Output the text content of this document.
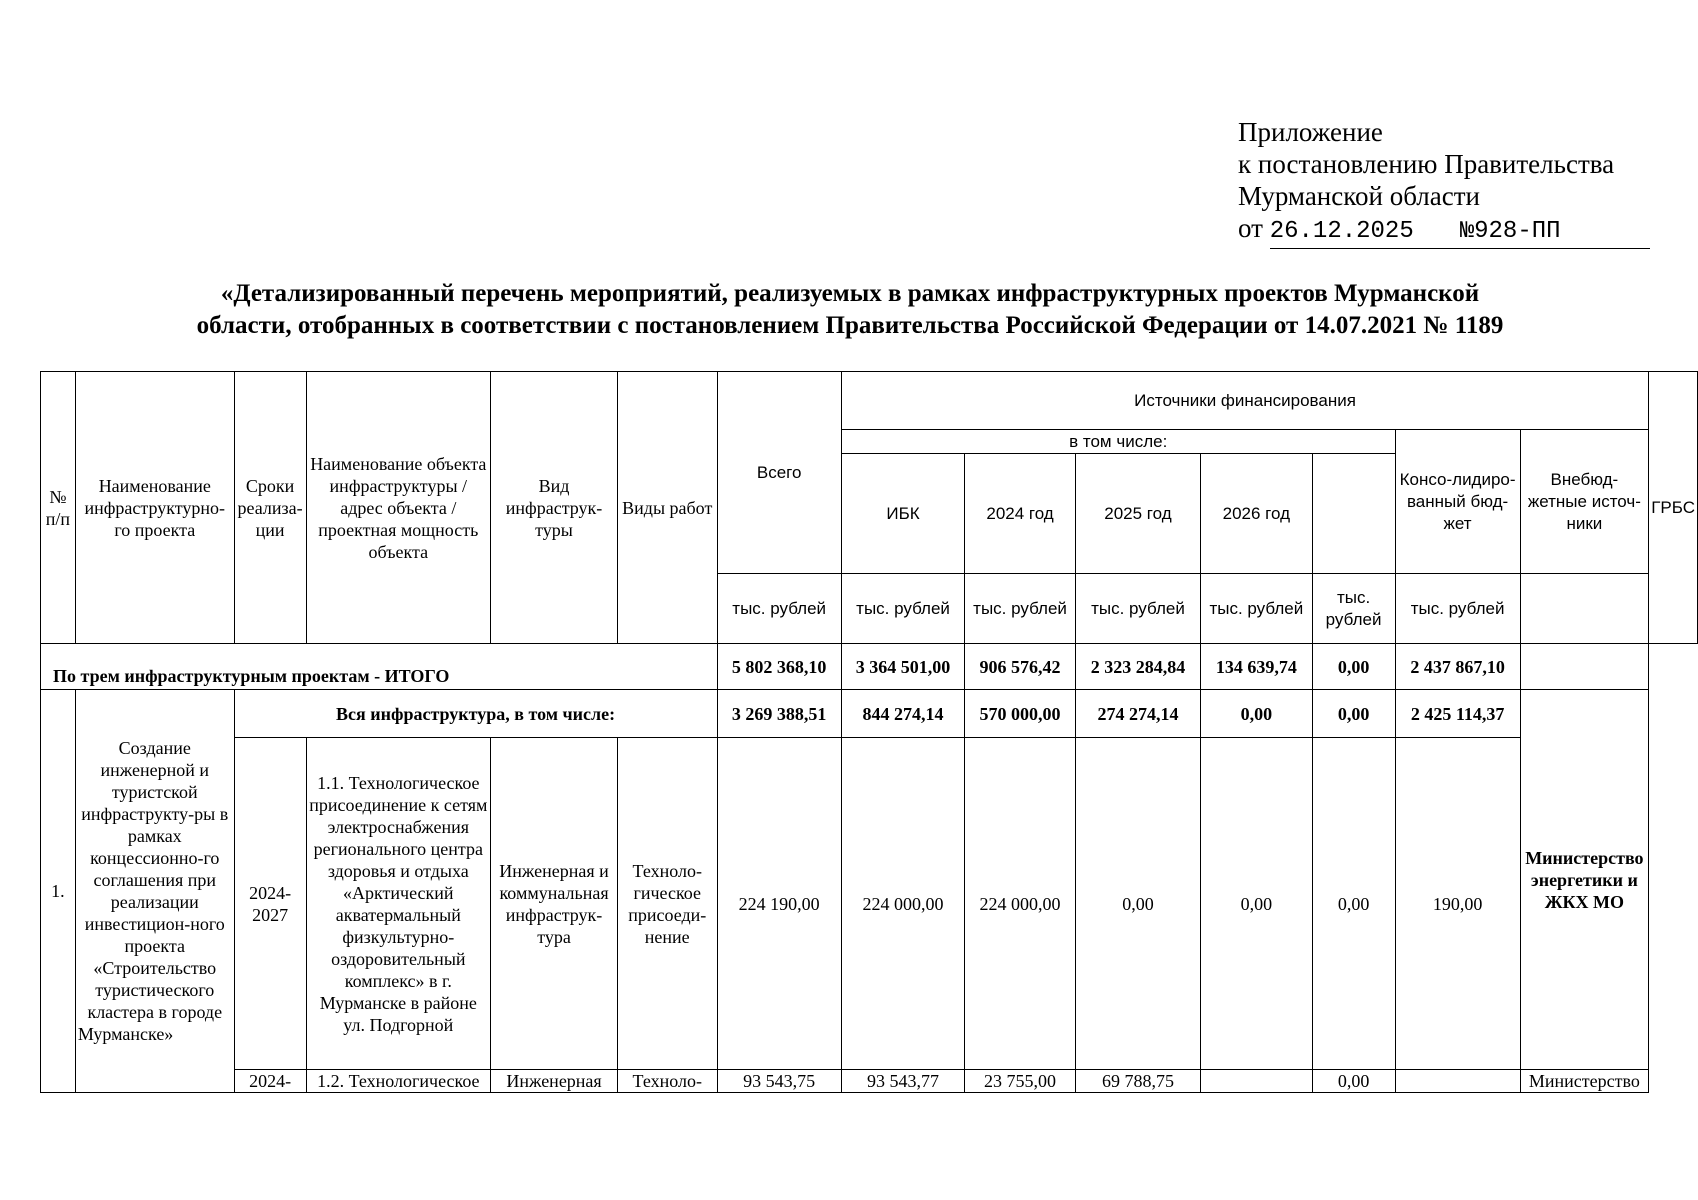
Приложение
к постановлению Правительства
Мурманской области
от 26.12.2025 №928-ПП
«Детализированный перечень мероприятий, реализуемых в рамках инфраструктурных проектов Мурманской
области, отобранных в соответствии с постановлением Правительства Российской Федерации от 14.07.2021 № 1189
№ п/п	Наименование инфраструктурно-го проекта	Сроки реализа-ции	Наименование объекта инфраструктуры / адрес объекта / проектная мощность объекта	Вид инфраструк-туры	Виды работ	Всего	Источники финансирования							ГРБС
							в том числе:					Консо-лидиро-ванный бюд-жет	Внебюд-жетные источ-ники	
							ИБК	2024 год	2025 год	2026 год				
						тыс. рублей	тыс. рублей	тыс. рублей	тыс. рублей	тыс. рублей	тыс. рублей	тыс. рублей		
По трем инфраструктурным проектам - ИТОГО						5 802 368,10	3 364 501,00	906 576,42	2 323 284,84	134 639,74	0,00	2 437 867,10		
1.	Создание инженерной и туристской инфраструкту-ры в рамках концессионно-го соглашения при реализации инвестицион-ного проекта «Строительство туристического кластера в городе Мурманске»	Вся инфраструктура, в том числе:				3 269 388,51	844 274,14	570 000,00	274 274,14	0,00	0,00	2 425 114,37	Министерство энергетики и ЖКХ МО	
		2024-2027	1.1. Технологическое присоединение к сетям электроснабжения регионального центра здоровья и отдыха «Арктический акватермальный физкультурно-оздоровительный комплекс» в г. Мурманске в районе ул. Подгорной	Инженерная и коммунальная инфраструк-тура	Техноло-гическое присоеди-нение	224 190,00	224 000,00	224 000,00	0,00	0,00	0,00	190,00		
		2024-	1.2. Технологическое	Инженерная	Техноло-	93 543,75	93 543,77	23 755,00	69 788,75		0,00		Министерство	
